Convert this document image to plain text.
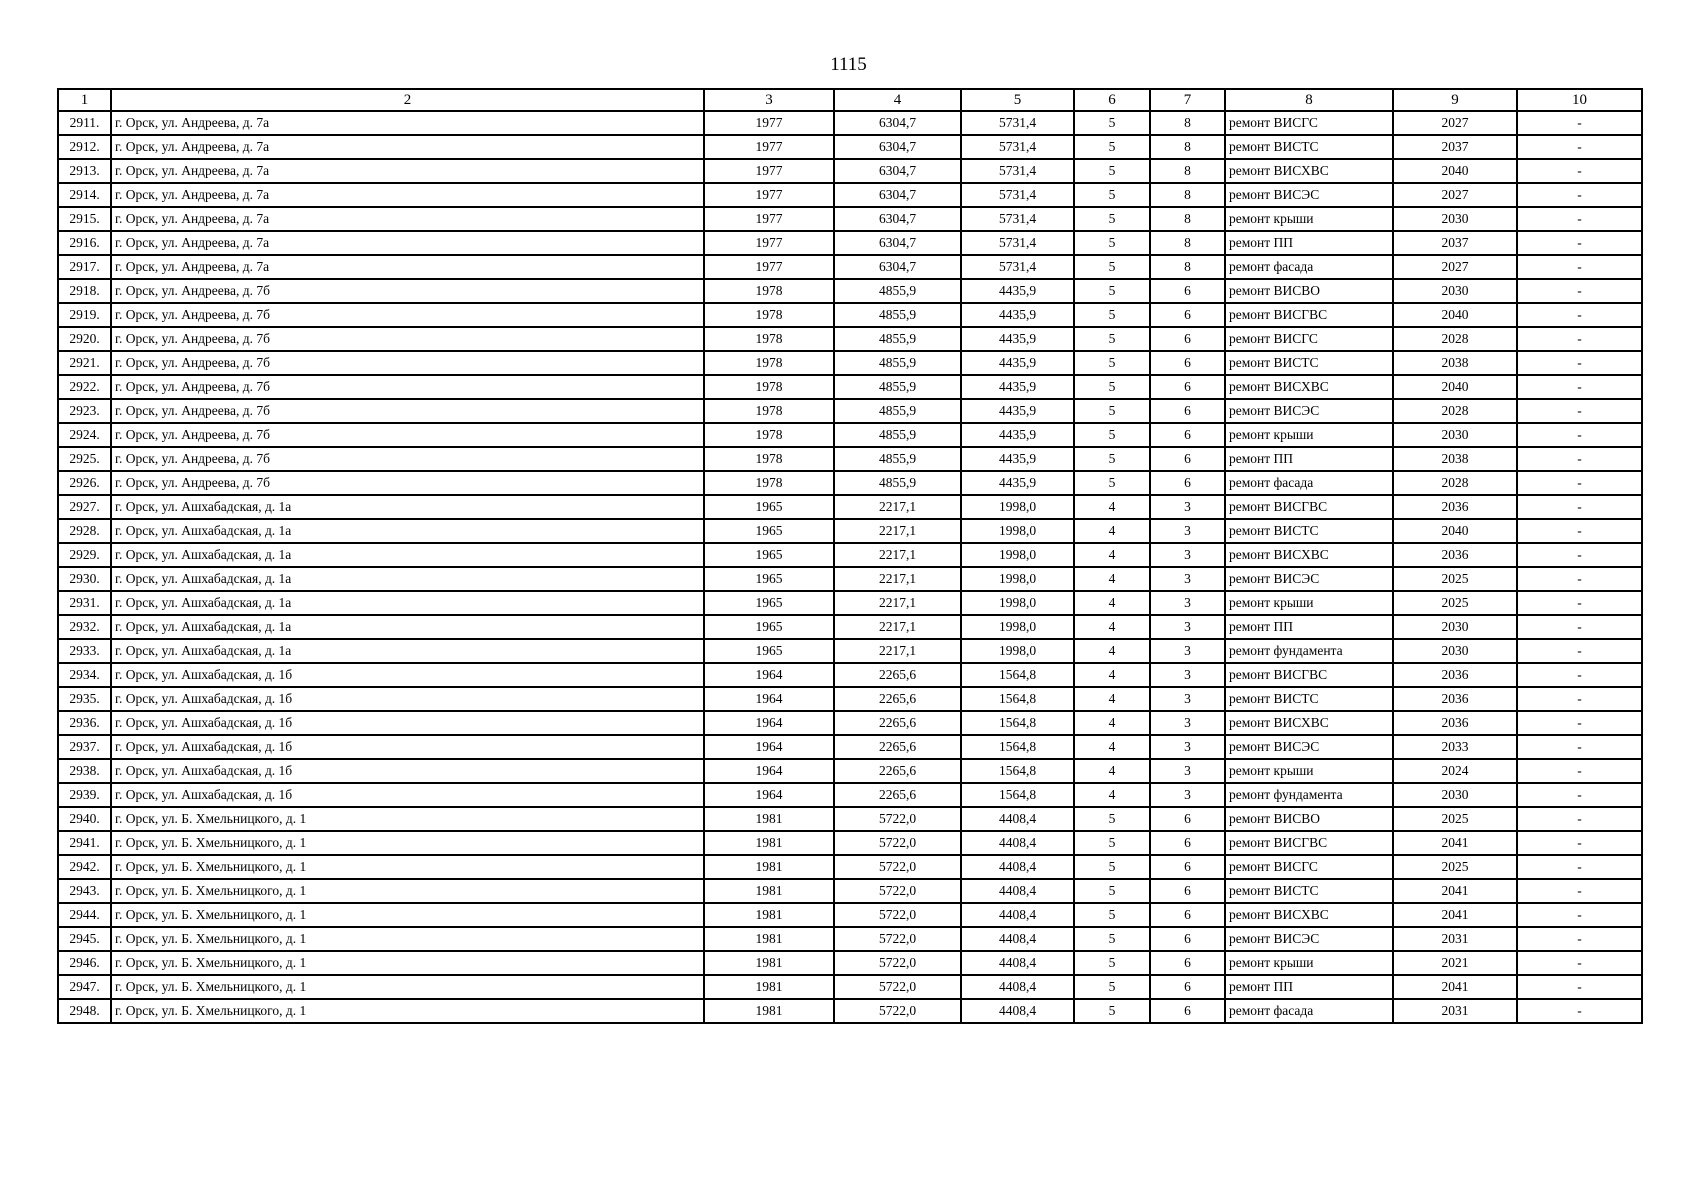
1115
1	2	3	4	5	6	7	8	9	10
2911.	г. Орск, ул. Андреева, д. 7а	1977	6304,7	5731,4	5	8	ремонт ВИСГС	2027	-
2912.	г. Орск, ул. Андреева, д. 7а	1977	6304,7	5731,4	5	8	ремонт ВИСТС	2037	-
2913.	г. Орск, ул. Андреева, д. 7а	1977	6304,7	5731,4	5	8	ремонт ВИСХВС	2040	-
2914.	г. Орск, ул. Андреева, д. 7а	1977	6304,7	5731,4	5	8	ремонт ВИСЭС	2027	-
2915.	г. Орск, ул. Андреева, д. 7а	1977	6304,7	5731,4	5	8	ремонт крыши	2030	-
2916.	г. Орск, ул. Андреева, д. 7а	1977	6304,7	5731,4	5	8	ремонт ПП	2037	-
2917.	г. Орск, ул. Андреева, д. 7а	1977	6304,7	5731,4	5	8	ремонт фасада	2027	-
2918.	г. Орск, ул. Андреева, д. 7б	1978	4855,9	4435,9	5	6	ремонт ВИСВО	2030	-
2919.	г. Орск, ул. Андреева, д. 7б	1978	4855,9	4435,9	5	6	ремонт ВИСГВС	2040	-
2920.	г. Орск, ул. Андреева, д. 7б	1978	4855,9	4435,9	5	6	ремонт ВИСГС	2028	-
2921.	г. Орск, ул. Андреева, д. 7б	1978	4855,9	4435,9	5	6	ремонт ВИСТС	2038	-
2922.	г. Орск, ул. Андреева, д. 7б	1978	4855,9	4435,9	5	6	ремонт ВИСХВС	2040	-
2923.	г. Орск, ул. Андреева, д. 7б	1978	4855,9	4435,9	5	6	ремонт ВИСЭС	2028	-
2924.	г. Орск, ул. Андреева, д. 7б	1978	4855,9	4435,9	5	6	ремонт крыши	2030	-
2925.	г. Орск, ул. Андреева, д. 7б	1978	4855,9	4435,9	5	6	ремонт ПП	2038	-
2926.	г. Орск, ул. Андреева, д. 7б	1978	4855,9	4435,9	5	6	ремонт фасада	2028	-
2927.	г. Орск, ул. Ашхабадская, д. 1а	1965	2217,1	1998,0	4	3	ремонт ВИСГВС	2036	-
2928.	г. Орск, ул. Ашхабадская, д. 1а	1965	2217,1	1998,0	4	3	ремонт ВИСТС	2040	-
2929.	г. Орск, ул. Ашхабадская, д. 1а	1965	2217,1	1998,0	4	3	ремонт ВИСХВС	2036	-
2930.	г. Орск, ул. Ашхабадская, д. 1а	1965	2217,1	1998,0	4	3	ремонт ВИСЭС	2025	-
2931.	г. Орск, ул. Ашхабадская, д. 1а	1965	2217,1	1998,0	4	3	ремонт крыши	2025	-
2932.	г. Орск, ул. Ашхабадская, д. 1а	1965	2217,1	1998,0	4	3	ремонт ПП	2030	-
2933.	г. Орск, ул. Ашхабадская, д. 1а	1965	2217,1	1998,0	4	3	ремонт фундамента	2030	-
2934.	г. Орск, ул. Ашхабадская, д. 1б	1964	2265,6	1564,8	4	3	ремонт ВИСГВС	2036	-
2935.	г. Орск, ул. Ашхабадская, д. 1б	1964	2265,6	1564,8	4	3	ремонт ВИСТС	2036	-
2936.	г. Орск, ул. Ашхабадская, д. 1б	1964	2265,6	1564,8	4	3	ремонт ВИСХВС	2036	-
2937.	г. Орск, ул. Ашхабадская, д. 1б	1964	2265,6	1564,8	4	3	ремонт ВИСЭС	2033	-
2938.	г. Орск, ул. Ашхабадская, д. 1б	1964	2265,6	1564,8	4	3	ремонт крыши	2024	-
2939.	г. Орск, ул. Ашхабадская, д. 1б	1964	2265,6	1564,8	4	3	ремонт фундамента	2030	-
2940.	г. Орск, ул. Б. Хмельницкого, д. 1	1981	5722,0	4408,4	5	6	ремонт ВИСВО	2025	-
2941.	г. Орск, ул. Б. Хмельницкого, д. 1	1981	5722,0	4408,4	5	6	ремонт ВИСГВС	2041	-
2942.	г. Орск, ул. Б. Хмельницкого, д. 1	1981	5722,0	4408,4	5	6	ремонт ВИСГС	2025	-
2943.	г. Орск, ул. Б. Хмельницкого, д. 1	1981	5722,0	4408,4	5	6	ремонт ВИСТС	2041	-
2944.	г. Орск, ул. Б. Хмельницкого, д. 1	1981	5722,0	4408,4	5	6	ремонт ВИСХВС	2041	-
2945.	г. Орск, ул. Б. Хмельницкого, д. 1	1981	5722,0	4408,4	5	6	ремонт ВИСЭС	2031	-
2946.	г. Орск, ул. Б. Хмельницкого, д. 1	1981	5722,0	4408,4	5	6	ремонт крыши	2021	-
2947.	г. Орск, ул. Б. Хмельницкого, д. 1	1981	5722,0	4408,4	5	6	ремонт ПП	2041	-
2948.	г. Орск, ул. Б. Хмельницкого, д. 1	1981	5722,0	4408,4	5	6	ремонт фасада	2031	-
